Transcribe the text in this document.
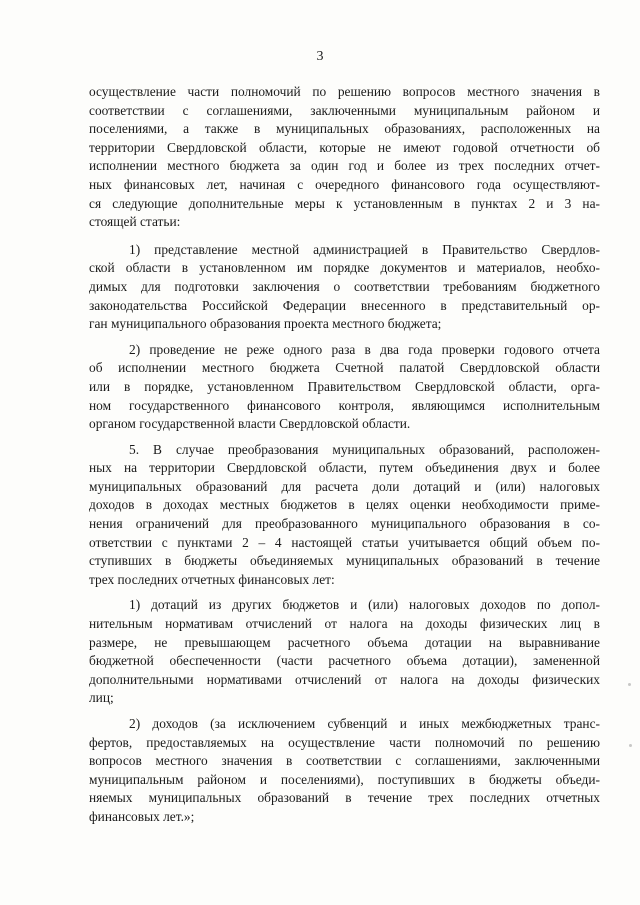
3
осуществление части полномочий по решению вопросов местного значения в
соответствии с соглашениями, заключенными муниципальным районом и
поселениями, а также в муниципальных образованиях, расположенных на
территории Свердловской области, которые не имеют годовой отчетности об
исполнении местного бюджета за один год и более из трех последних отчет-
ных финансовых лет, начиная с очередного финансового года осуществляют-
ся следующие дополнительные меры к установленным в пунктах 2 и 3 на-
стоящей статьи:
1) представление местной администрацией в Правительство Свердлов-
ской области в установленном им порядке документов и материалов, необхо-
димых для подготовки заключения о соответствии требованиям бюджетного
законодательства Российской Федерации внесенного в представительный ор-
ган муниципального образования проекта местного бюджета;
2) проведение не реже одного раза в два года проверки годового отчета
об исполнении местного бюджета Счетной палатой Свердловской области
или в порядке, установленном Правительством Свердловской области, орга-
ном государственного финансового контроля, являющимся исполнительным
органом государственной власти Свердловской области.
5. В случае преобразования муниципальных образований, расположен-
ных на территории Свердловской области, путем объединения двух и более
муниципальных образований для расчета доли дотаций и (или) налоговых
доходов в доходах местных бюджетов в целях оценки необходимости приме-
нения ограничений для преобразованного муниципального образования в со-
ответствии с пунктами 2 – 4 настоящей статьи учитывается общий объем по-
ступивших в бюджеты объединяемых муниципальных образований в течение
трех последних отчетных финансовых лет:
1) дотаций из других бюджетов и (или) налоговых доходов по допол-
нительным нормативам отчислений от налога на доходы физических лиц в
размере, не превышающем расчетного объема дотации на выравнивание
бюджетной обеспеченности (части расчетного объема дотации), замененной
дополнительными нормативами отчислений от налога на доходы физических
лиц;
2) доходов (за исключением субвенций и иных межбюджетных транс-
фертов, предоставляемых на осуществление части полномочий по решению
вопросов местного значения в соответствии с соглашениями, заключенными
муниципальным районом и поселениями), поступивших в бюджеты объеди-
няемых муниципальных образований в течение трех последних отчетных
финансовых лет.»;
